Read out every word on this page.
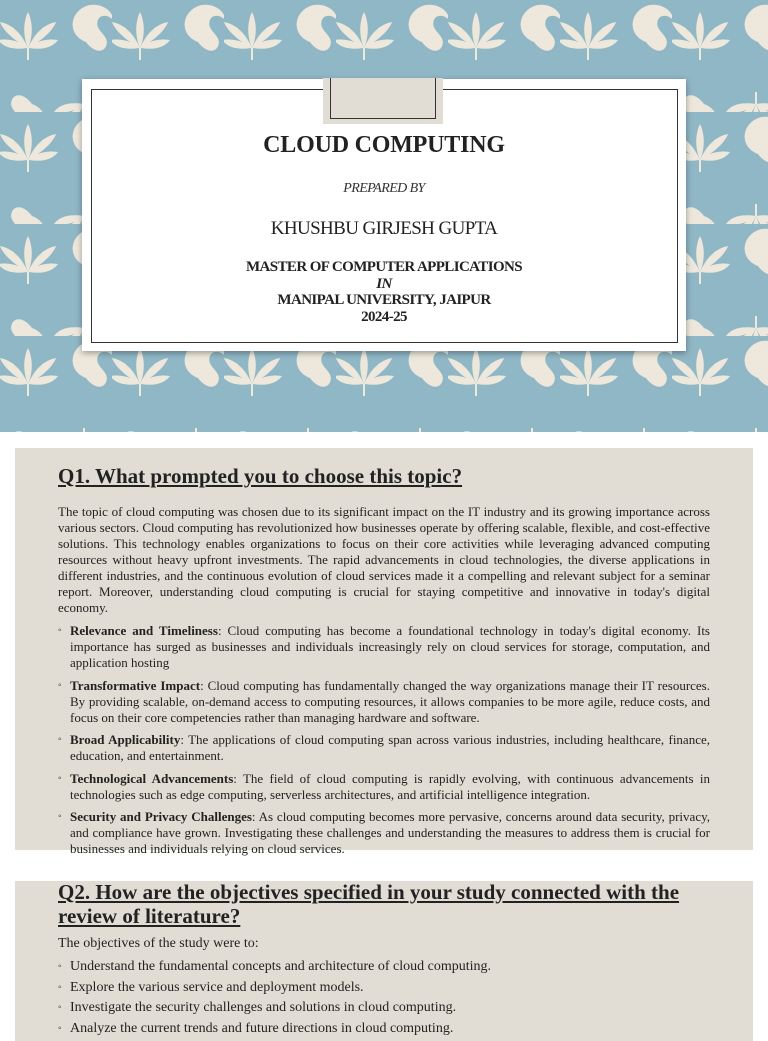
CLOUD COMPUTING
PREPARED BY
KHUSHBU GIRJESH GUPTA
MASTER OF COMPUTER APPLICATIONS
IN
MANIPAL UNIVERSITY, JAIPUR
2024-25
Q1. What prompted you to choose this topic?

The topic of cloud computing was chosen due to its significant impact on the IT industry and its growing importance across various sectors. Cloud computing has revolutionized how businesses operate by offering scalable, flexible, and cost-effective solutions. This technology enables organizations to focus on their core activities while leveraging advanced computing resources without heavy upfront investments. The rapid advancements in cloud technologies, the diverse applications in different industries, and the continuous evolution of cloud services made it a compelling and relevant subject for a seminar report. Moreover, understanding cloud computing is crucial for staying competitive and innovative in today's digital economy.

◦ Relevance and Timeliness: Cloud computing has become a foundational technology in today's digital economy. Its importance has surged as businesses and individuals increasingly rely on cloud services for storage, computation, and application hosting
◦ Transformative Impact: Cloud computing has fundamentally changed the way organizations manage their IT resources. By providing scalable, on-demand access to computing resources, it allows companies to be more agile, reduce costs, and focus on their core competencies rather than managing hardware and software.
◦ Broad Applicability: The applications of cloud computing span across various industries, including healthcare, finance, education, and entertainment.
◦ Technological Advancements: The field of cloud computing is rapidly evolving, with continuous advancements in technologies such as edge computing, serverless architectures, and artificial intelligence integration.
◦ Security and Privacy Challenges: As cloud computing becomes more pervasive, concerns around data security, privacy, and compliance have grown. Investigating these challenges and understanding the measures to address them is crucial for businesses and individuals relying on cloud services.
Q2. How are the objectives specified in your study connected with the review of literature?

The objectives of the study were to:

◦ Understand the fundamental concepts and architecture of cloud computing.
◦ Explore the various service and deployment models.
◦ Investigate the security challenges and solutions in cloud computing.
◦ Analyze the current trends and future directions in cloud computing.
